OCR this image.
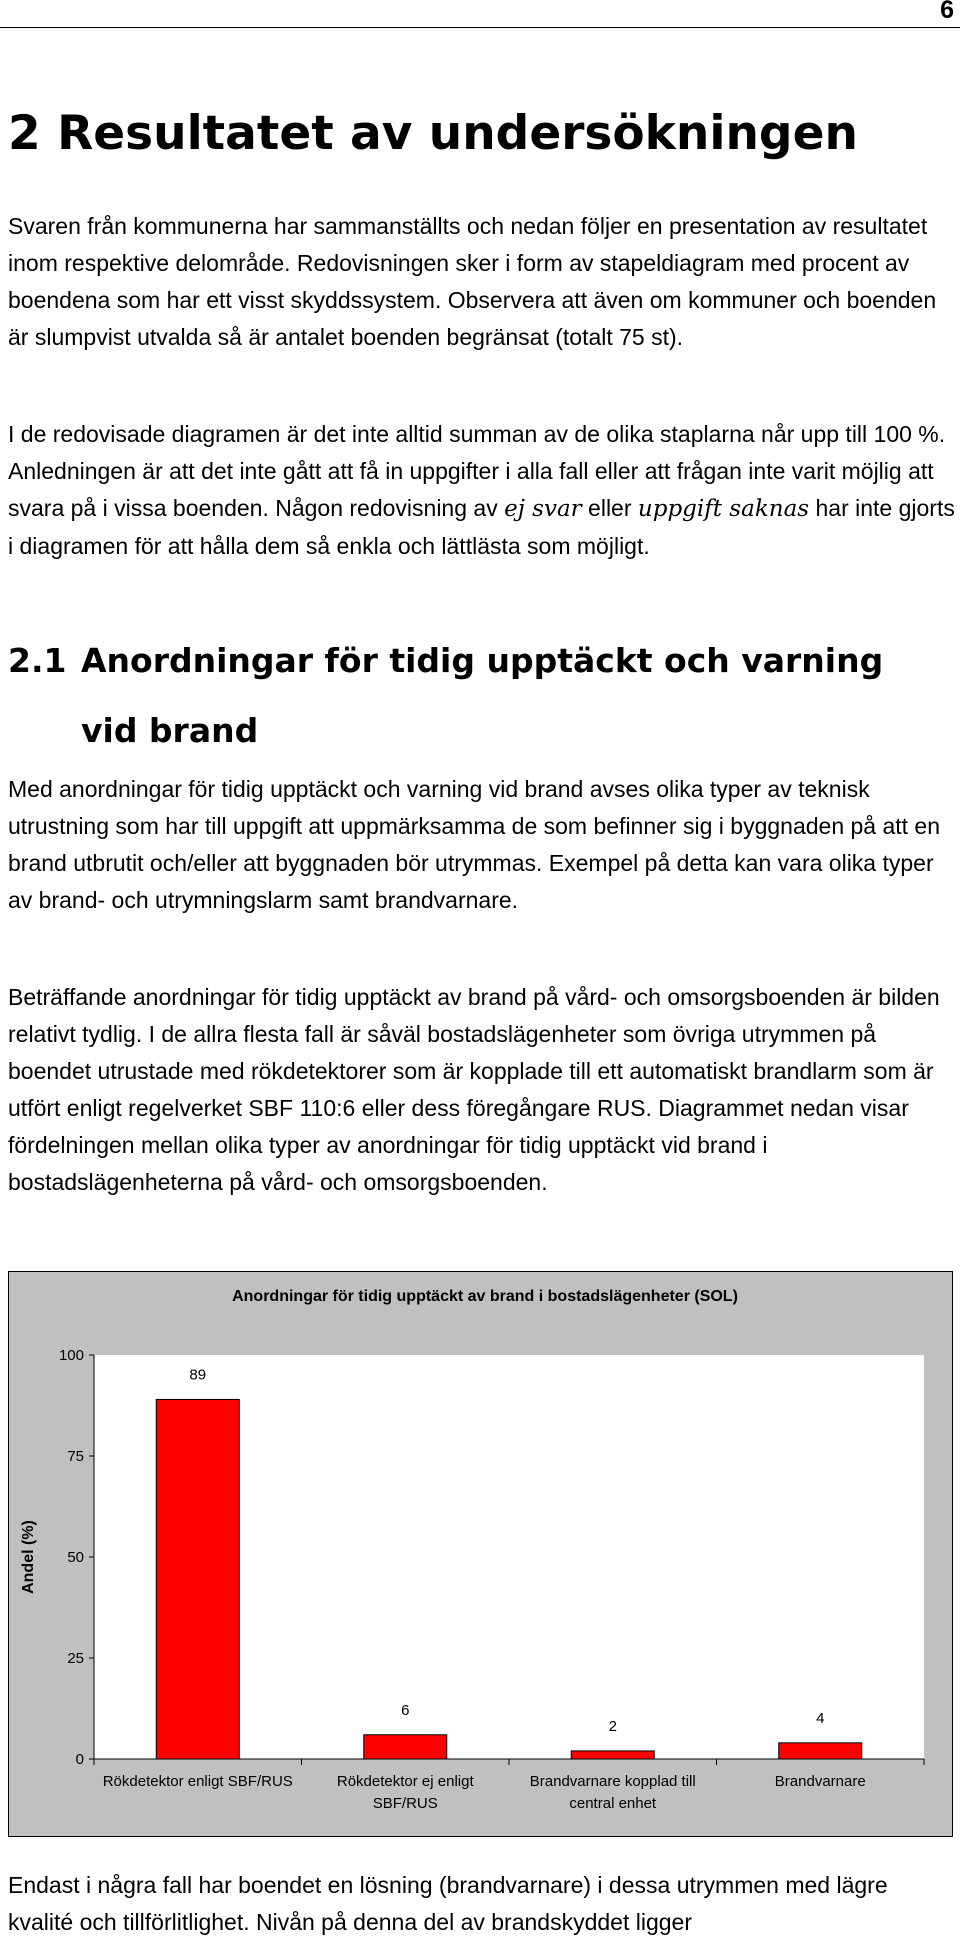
6
2 Resultatet av undersökningen

Svaren från kommunerna har sammanställts och nedan följer en presentation av resultatet inom respektive delområde. Redovisningen sker i form av stapeldiagram med procent av boendena som har ett visst skyddssystem. Observera att även om kommuner och boenden är slumpvist utvalda så är antalet boenden begränsat (totalt 75 st).

I de redovisade diagramen är det inte alltid summan av de olika staplarna når upp till 100 %. Anledningen är att det inte gått att få in uppgifter i alla fall eller att frågan inte varit möjlig att svara på i vissa boenden. Någon redovisning av ej svar eller uppgift saknas har inte gjorts i diagramen för att hålla dem så enkla och lättlästa som möjligt.

2.1 Anordningar för tidig upptäckt och varning
vid brand

Med anordningar för tidig upptäckt och varning vid brand avses olika typer av teknisk utrustning som har till uppgift att uppmärksamma de som befinner sig i byggnaden på att en brand utbrutit och/eller att byggnaden bör utrymmas. Exempel på detta kan vara olika typer av brand- och utrymningslarm samt brandvarnare.

Beträffande anordningar för tidig upptäckt av brand på vård- och omsorgsboenden är bilden relativt tydlig. I de allra flesta fall är såväl bostadslägenheter som övriga utrymmen på boendet utrustade med rökdetektorer som är kopplade till ett automatiskt brandlarm som är utfört enligt regelverket SBF 110:6 eller dess föregångare RUS. Diagrammet nedan visar fördelningen mellan olika typer av anordningar för tidig upptäckt vid brand i bostadslägenheterna på vård- och omsorgsboenden.

Anordningar för tidig upptäckt av brand i bostadslägenheter (SOL)
Andel (%)
0
25
50
75
100
89
Rökdetektor enligt SBF/RUS
6
Rökdetektor ej enligt
SBF/RUS
2
Brandvarnare kopplad till
central enhet
4
Brandvarnare

Endast i några fall har boendet en lösning (brandvarnare) i dessa utrymmen med lägre kvalité och tillförlitlighet. Nivån på denna del av brandskyddet ligger
